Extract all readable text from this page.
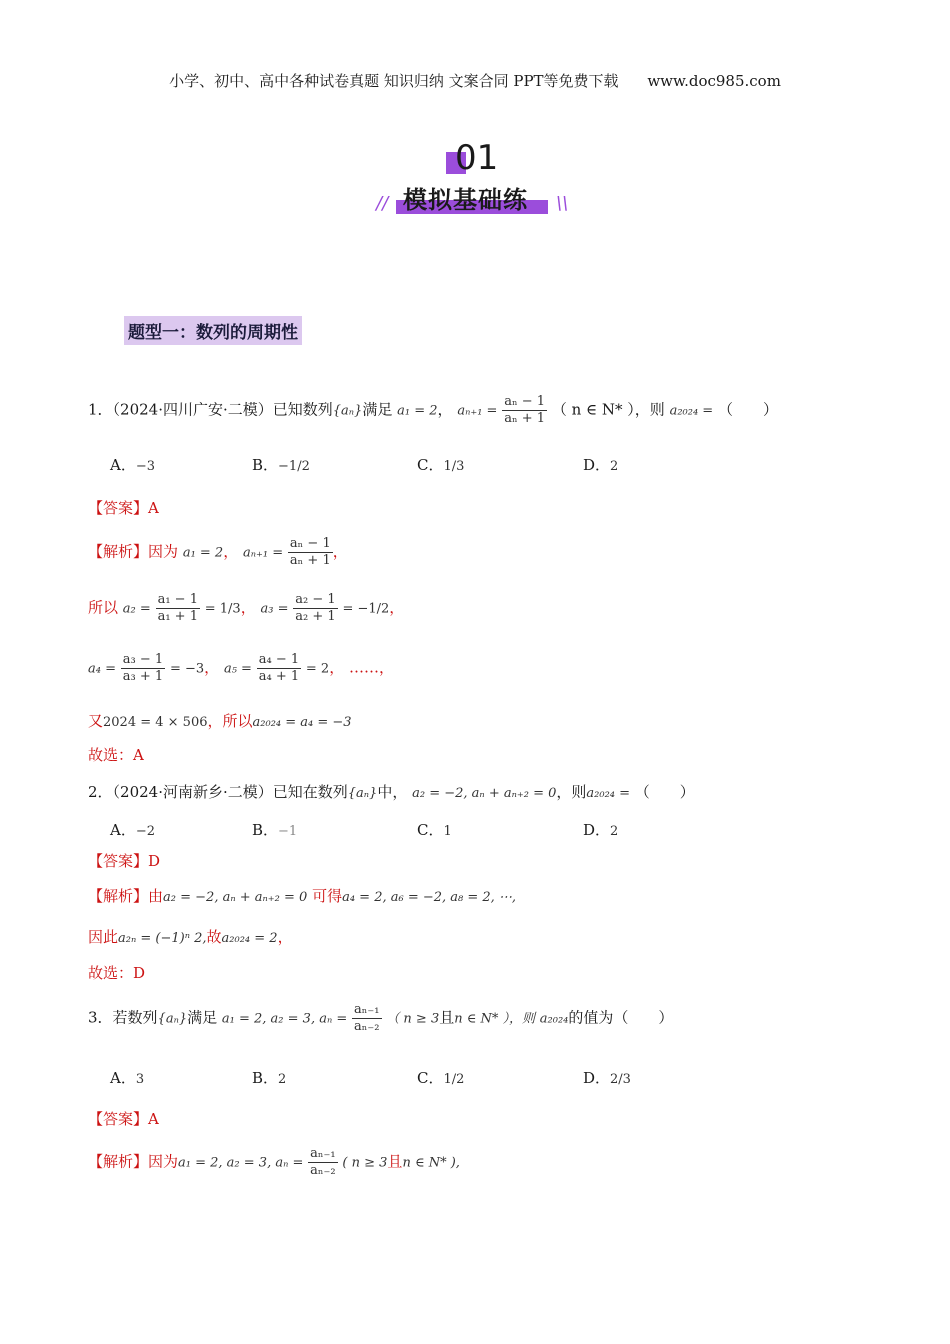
小学、初中、高中各种试卷真题 知识归纳 文案合同 PPT等免费下载 www.doc985.com
01
模拟基础练
//	\\
题型一：数列的周期性
1．（2024·四川广安·二模）已知数列{aₙ}满足 a₁ = 2， $a_{n+1} = \frac{\text{aₙ − 1}}{\text{aₙ + 1}}$ （ n ∈ N* ），则 a₂₀₂₄ = （　　）
A．−3	B．−1/2	C．1/3	D．2
【答案】A
【解析】因为 a₁ = 2， $a_{n+1} = \frac{\text{aₙ − 1}}{\text{aₙ + 1}}$ ，
所以 $a_2 = \frac{\text{a₁ − 1}}{\text{a₁ + 1}} = 1/3$， $a_3 = \frac{\text{a₂ − 1}}{\text{a₂ + 1}} = -1/2$，
$a_4 = \frac{\text{a₃ − 1}}{\text{a₃ + 1}} = -3$， $a_5 = \frac{\text{a₄ − 1}}{\text{a₄ + 1}} = 2$， ……，
又2024 = 4 × 506，所以a₂₀₂₄ = a₄ = −3
故选：A
2．（2024·河南新乡·二模）已知在数列{aₙ}中， a₂ = −2, aₙ + aₙ₊₂ = 0，则a₂₀₂₄ = （　　）
A．−2	B．−1	C．1	D．2
【答案】D
【解析】由a₂ = −2, aₙ + aₙ₊₂ = 0 可得a₄ = 2, a₆ = −2, a₈ = 2, ⋯,
因此a₂ₙ = (−1)ⁿ 2,故a₂₀₂₄ = 2，
故选：D
3．若数列{aₙ}满足 a₁ = 2, a₂ = 3, $a_n = \frac{\text{aₙ₋₁}}{\text{aₙ₋₂}}$ （ n ≥ 3且n ∈ N* ），则 a₂₀₂₄的值为（　　）
A．3	B．2	C．1/2	D．2/3
【答案】A
【解析】因为a₁ = 2, a₂ = 3, $a_n = \frac{\text{aₙ₋₁}}{\text{aₙ₋₂}}$ ( n ≥ 3且n ∈ N* ),
